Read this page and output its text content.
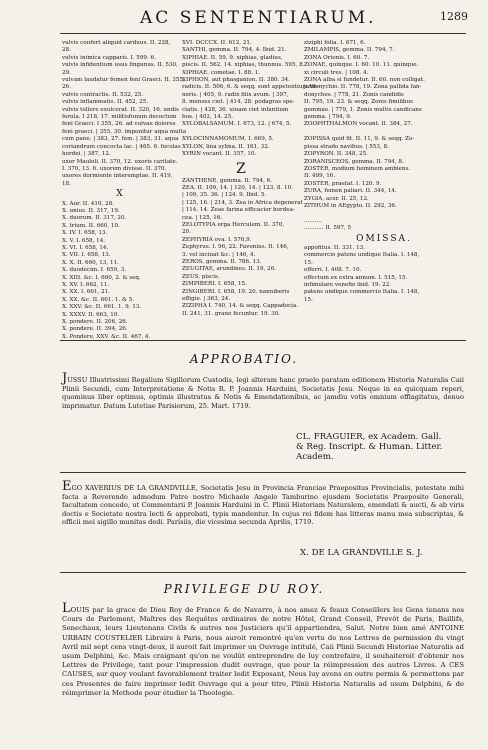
AC SENTENTIARUM.	1289
vulvis confert aliquid carduus. II. 228,
28.
vulvis inimica capparis. I. 599. 6.
vulvis infidentium usus fingunus. II. 530,
29.
vulvam laudatur femen feni Graeci. II. 355,
26.
vulvis contractis. II. 532, 25.
vulvis inflammatis. II. 452, 25.
vulvis tollere exulcerat. II. 320, 16. undis
ferula. I 218, 17. militisfunum decoctum
feni Graeci. I 355, 26. ad vulvae dolores
feni graeci. | 355, 30. imponitur aqua multa
cum pane. | 383, 27. fem. | 383, 31. aqua
coriandrum concocta lac. | 465. 6. fecolas
hordei. | 387, 12.
uxor Mauloli. II. 370, 12. uxoris caritate.
I. 370, 13. 6. uxorem divisse. II. 370.
uxores dormiente interemptae. II. 419,
18.
X
X. Aur. II. 410, 28.
X. unius. II. 317, 19.
X. duorum. II. 317, 20.
X. trium. II. 660, 10.
X. IV. I. 658, 13.
X. V. I. 658, 14.
X. VI. I. 658, 14.
X. VII. I. 658, 13.
X. X. II. 660, 13, 11.
X. duodecim. I. 659, 3.
X. XIII. &c. I. 660, 2. & seq.
X. XV. I. 662, 11.
X. XX. I. 661, 21.
X. XX. &c. II. 661. 1. & 5.
X. XXV. &c. II. 661. 1. 9. 13.
X. XXXV. II. 663, 10.
X. pondere. II. 206, 26.
X. pondere. II. 394, 26.
X. Pondere, XXV. &c. II. 467, 4.
XVI. DCCCX. II. 612, 21.
XANTHI, gemma. II. 794, 4. Ibid. 21.
XIPHIAE. II. 59, 9. xiphias, gladius,
piscis. II. 562, 14. xiphias, thunnus. 595, 8.
XIPHIAE. cometae. I. 88. 1.
XIPHION, aut phasganion. II. 380. 34.
radicis. II. 506, 6. & seqq. sunt appetentium Ve-
neris. | 405, 9. radix filix avum. | 397,
8. menses ciet. | 414, 28. podagras spe-
ciatis. | 428, 36. uinam ciet infantium
bus. | 402, 14. 25.
XYLOBALSAMUM. I. 673, 12. | 674, 5.

XYLOCINNAMOMUM. I. 669, 5.
XYLON, lina sylina. II. 161, 32.
XYRIN vocant. II. 357, 10.
Z
ZANTHENE, gemma. II. 794, 6.
ZEA. II. 109, 14. | 120, 14. | 123, 8. 10.
| 109, 35. 36. | 124. 9. Ibid. 5.
| 125, 16. | 214, 3. Zea in Africa degenerat
| 114. 14. Zeae farina efficacior hordea-
cea. | 125, 16.
ZELOTYPIA erga Herculem. II. 370,
20.
ZEPHYRIA ova. I. 576,9.
Zephyrus. I. 96, 22. Favonius. II. 146,
3. vel incinat &c. | 146, 4.
ZEROS, gemma. II. 786. 13.
ZEUGITAE, arundines. II. 19, 26.
ZEUS, piscis.
ZIMPIBERI. I. 658, 15.
ZINGIBERI. I. 658, 19. 20. nanniberis
effigie. | 363, 24.
ZIZIPHA I. 740, 14. & seqq. Cappadocia.
II. 241, 31. grano fecuntur. 19. 30.
ziziphi folia. I. 671, 6.
ZMILAMPIS, gemma. II. 794, 7.
ZONA Orionis. I. 60. 7.
ZONAE, quinque. I. 60. 10. 11. quinque.
xi circuli tres. | 108. 4.
ZONA alba si fundetur. II. 60. non colligat.
jardonychio. II. 778, 19. Zona pallida fan-
donyches. | 778, 21. Zonis candidis
II. 795, 19. 23. & seqq. Zonis fimilibus
gemmae. | 779, 1. Zonis multis candicans
gemma. | 794, 9.
ZOOPHTHALMON vocant. II. 384, 27.

ZOPISSA quid fit. II. 11, 9. & seqq. Zo-
pissa strado navibus. | 553, 8.
ZOPYRON. II. 348, 25.
ZORANISCEOS, gemma. II. 794, 8.
ZOSTER, modium hominem ambiens.
II. 499, 16.
ZOSTER, praefat. I. 120. 9.
ZURA, femen paliari. II. 344, 14.
ZYGIA, acer. II. 25, 12.
ZITHUM in AEgypto. II. 292, 36.

..........
........... II. 597, 5
OMISSA.
appofitus. II. 331. 13.
commercio patens undique Italia. I. 148,
15.
efferri. I. 408. 7. 10.
effectum ex extra annum. I. 515, 15.
infimulare venefio ibid. 19. 22.
patens undique commercio Italia. I. 148,
15.
APPROBATIO.
JUSSU Illustrissimi Regalium Sigillorum Custodis, legi alteram hanc praelo paratam editionem Historia Naturalis Caii Plinii Secundi, cum Interpretatione & Notis R. P. Joannis Harduini, Societatis Jesu. Neque in ea quicquam reperi, quominus liber optimus, optimis illustratus & Notis & Emendationibus, ac jamdiu votis omnium efflagitatus, denuo imprimatur. Datum Lutetiae Parisiorum, 25. Mart. 1719.
CL. FRAGUIER, ex Academ. Gall.
& Reg. Inscript. & Human. Litter.
Academ.
EGO XAVERIUS DE LA GRANDVILLE, Societatis Jesu in Provincia Franciae Praepositus Provincialis, potestate mihi facta a Reverendo admodum Patre nostro Michaele Angelo Tamburino ejusdem Societatis Praeposito Generali, facultatem concedo, ut Commentarii P. Joannis Harduini in C. Plinii Historiam Naturalem, emendati & aucti, & ab viris doctis e Societate nostra lecti & approbati, typis mandentur. In cujus rei fidem has litteras manu mea subscriptas, & officii mei sigillo munitas dedi. Parisiis, die vicesima secunda Aprilis, 1719.
X. DE LA GRANDVILLE S. J.
PRIVILEGE DU ROY.
LOUIS par la grace de Dieu Roy de France & de Navarre, à nos amez & feaux Conseillers les Gens tenans nos Cours de Parlement, Maîtres des Requêtes ordinaires de notre Hôtel, Grand Conseil, Prevôt de Paris, Baillifs, Senechaux, leurs Lieutenans Civils & autres nos Justiciers qu'il appartiendra, Salut. Notre bien amé ANTOINE URBAIN COUSTELIER Libraire à Paris, nous auroit remontré qu'en vertu de nos Lettres de permission du vingt Avril mil sept cens vingt-deux, il auroit fait imprimer un Ouvrage intitulé, Caii Plinii Secundi Historiae Naturalis ad usum Delphini, &c. Mais craignant qu'on ne voulût entreprendre de luy contrefaire, il souhaiteroit d'obtenir nos Lettres de Privilege, tant pour l'impression dudit ouvrage, que pour la réimpression des autres Livres. A CES CAUSES, sur quoy voulant favorablement traiter ledit Exposant, Nous luy avons en outre permis & permettons par ces Presentes de faire imprimer ledit Ouvrage qui a pour titre, Plinii Historia Naturalis ad usum Delphini, & de réimprimer la Methode pour étudier la Theologie.
